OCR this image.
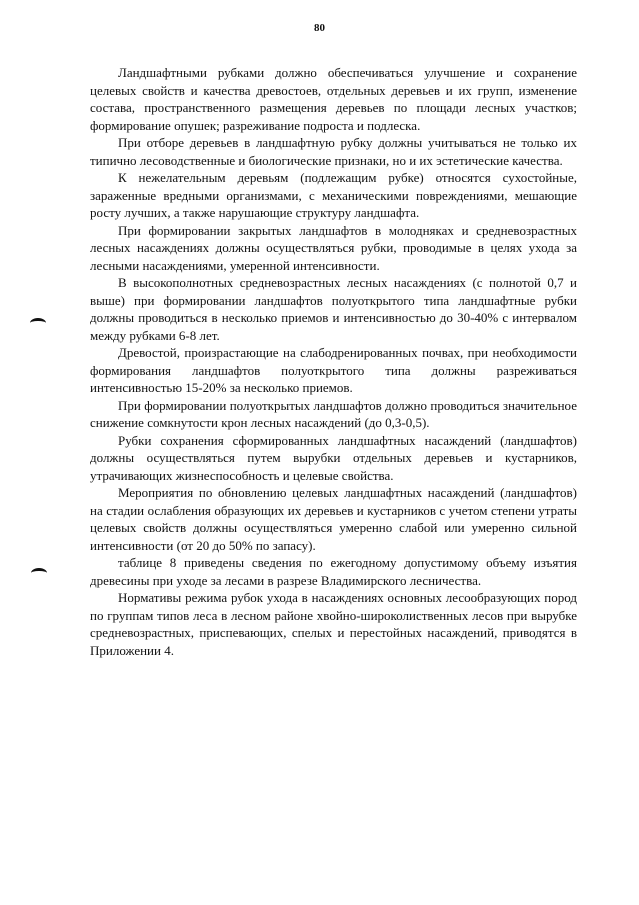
80

Ландшафтными рубками должно обеспечиваться улучшение и сохранение целевых свойств и качества древостоев, отдельных деревьев и их групп, изменение состава, пространственного размещения деревьев по площади лесных участков; формирование опушек; разреживание подроста и подлеска.

При отборе деревьев в ландшафтную рубку должны учитываться не только их типично лесоводственные и биологические признаки, но и их эстетические качества.

К нежелательным деревьям (подлежащим рубке) относятся сухостойные, зараженные вредными организмами, с механическими повреждениями, мешающие росту лучших, а также нарушающие структуру ландшафта.

При формировании закрытых ландшафтов в молодняках и средневозрастных лесных насаждениях должны осуществляться рубки, проводимые в целях ухода за лесными насаждениями, умеренной интенсивности.

В высокополнотных средневозрастных лесных насаждениях (с полнотой 0,7 и выше) при формировании ландшафтов полуоткрытого типа ландшафтные рубки должны проводиться в несколько приемов и интенсивностью до 30-40% с интервалом между рубками 6-8 лет.

Древостой, произрастающие на слабодренированных почвах, при необходимости формирования ландшафтов полуоткрытого типа должны разреживаться интенсивностью 15-20% за несколько приемов.

При формировании полуоткрытых ландшафтов должно проводиться значительное снижение сомкнутости крон лесных насаждений (до 0,3-0,5).

Рубки сохранения сформированных ландшафтных насаждений (ландшафтов) должны осуществляться путем вырубки отдельных деревьев и кустарников, утрачивающих жизнеспособность и целевые свойства.

Мероприятия по обновлению целевых ландшафтных насаждений (ландшафтов) на стадии ослабления образующих их деревьев и кустарников с учетом степени утраты целевых свойств должны осуществляться умеренно слабой или умеренно сильной интенсивности (от 20 до 50% по запасу).

таблице 8 приведены сведения по ежегодному допустимому объему изъятия древесины при уходе за лесами в разрезе Владимирского лесничества.

Нормативы режима рубок ухода в насаждениях основных лесообразующих пород по группам типов леса в лесном районе хвойно-широколиственных лесов при вырубке средневозрастных, приспевающих, спелых и перестойных насаждений, приводятся в Приложении 4.
